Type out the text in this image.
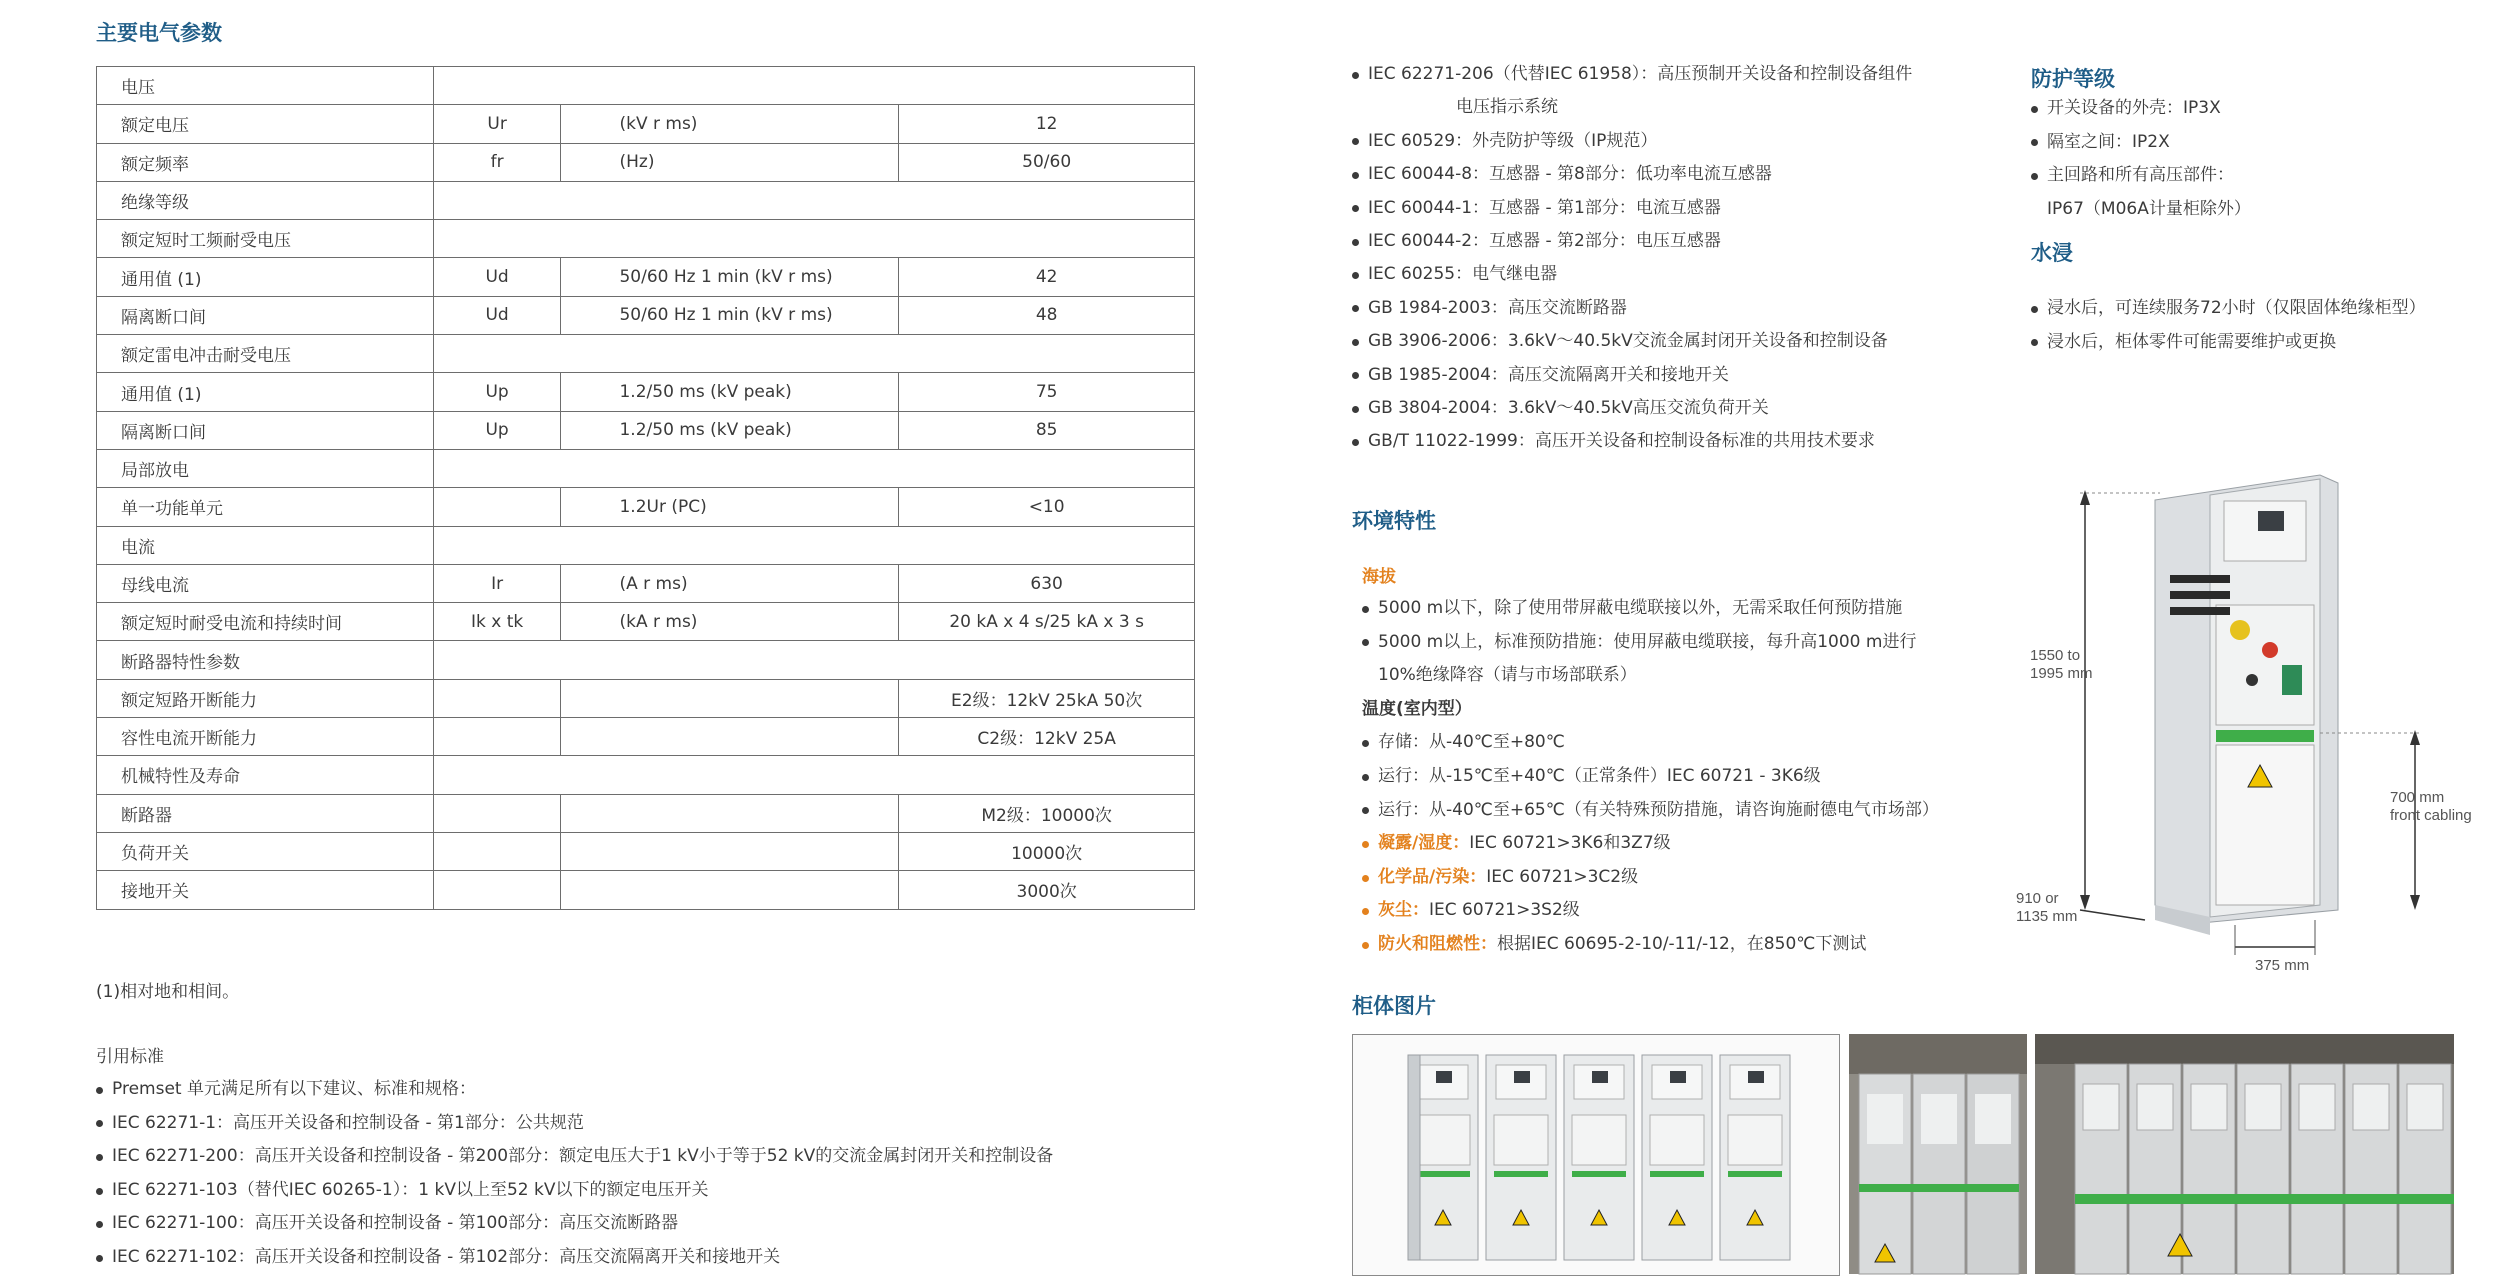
主要电气参数
电压			
额定电压	Ur	(kV r ms)	12
额定频率	fr	(Hz)	50/60
绝缘等级			
额定短时工频耐受电压			
通用值 (1)	Ud	50/60 Hz 1 min (kV r ms)	42
隔离断口间	Ud	50/60 Hz 1 min (kV r ms)	48
额定雷电冲击耐受电压			
通用值 (1)	Up	1.2/50 ms (kV peak)	75
隔离断口间	Up	1.2/50 ms (kV peak)	85
局部放电			
单一功能单元		1.2Ur (PC)	<10
电流			
母线电流	Ir	(A r ms)	630
额定短时耐受电流和持续时间	Ik x tk	(kA r ms)	20 kA x 4 s/25 kA x 3 s
断路器特性参数			
额定短路开断能力			E2级：12kV 25kA 50次
容性电流开断能力			C2级：12kV 25A
机械特性及寿命			
断路器			M2级：10000次
负荷开关			10000次
接地开关			3000次
(1)相对地和相间。
引用标准
Premset 单元满足所有以下建议、标准和规格：
IEC 62271-1：高压开关设备和控制设备 - 第1部分：公共规范
IEC 62271-200：高压开关设备和控制设备 - 第200部分：额定电压大于1 kV小于等于52 kV的交流金属封闭开关和控制设备
IEC 62271-103（替代IEC 60265-1）：1 kV以上至52 kV以下的额定电压开关
IEC 62271-100：高压开关设备和控制设备 - 第100部分：高压交流断路器
IEC 62271-102：高压开关设备和控制设备 - 第102部分：高压交流隔离开关和接地开关
IEC 62271-206（代替IEC 61958）：高压预制开关设备和控制设备组件
电压指示系统
IEC 60529：外壳防护等级（IP规范）
IEC 60044-8：互感器 - 第8部分：低功率电流互感器
IEC 60044-1：互感器 - 第1部分：电流互感器
IEC 60044-2：互感器 - 第2部分：电压互感器
IEC 60255：电气继电器
GB 1984-2003：高压交流断路器
GB 3906-2006：3.6kV～40.5kV交流金属封闭开关设备和控制设备
GB 1985-2004：高压交流隔离开关和接地开关
GB 3804-2004：3.6kV～40.5kV高压交流负荷开关
GB/T 11022-1999：高压开关设备和控制设备标准的共用技术要求
环境特性
海拔
5000 m以下，除了使用带屏蔽电缆联接以外，无需采取任何预防措施
5000 m以上，标准预防措施：使用屏蔽电缆联接，每升高1000 m进行
10%绝缘降容（请与市场部联系）
温度(室内型）
存储：从-40℃至+80℃
运行：从-15℃至+40℃（正常条件）IEC 60721 - 3K6级
运行：从-40℃至+65℃（有关特殊预防措施，请咨询施耐德电气市场部）
凝露/湿度：IEC 60721>3K6和3Z7级
化学品/污染：IEC 60721>3C2级
灰尘：IEC 60721>3S2级
防火和阻燃性：根据IEC 60695-2-10/-11/-12，在850℃下测试
柜体图片
防护等级
开关设备的外壳：IP3X
隔室之间：IP2X
主回路和所有高压部件：
IP67（M06A计量柜除外）
水浸
浸水后，可连续服务72小时（仅限固体绝缘柜型）
浸水后，柜体零件可能需要维护或更换
1550 to
1995 mm
700 mm
front cabling
910 or
1135 mm
375 mm
